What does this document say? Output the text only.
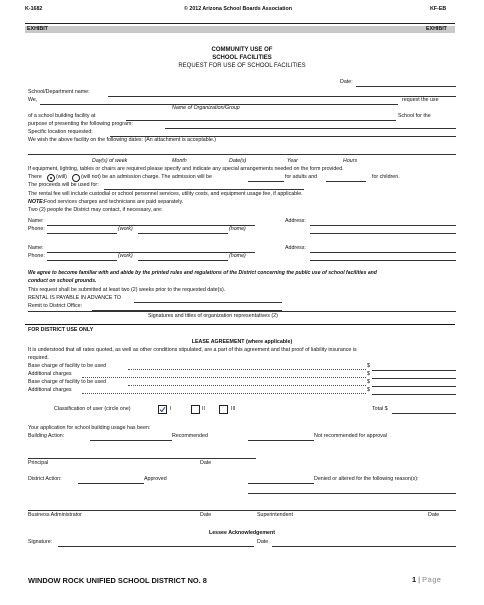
K-1682	© 2012 Arizona School Boards Association	KF-EB
EXHIBIT	EXHIBIT
COMMUNITY USE OF
SCHOOL FACILITIES
REQUEST FOR USE OF SCHOOL FACILITIES
Date:
School/Department name:
We,	request the use
Name of Organization/Group
of a school building facility at	School for the
purpose of presenting the following program:
Specific location requested:
We wish the above facility on the following dates: (An attachment is acceptable.)
Day(s) of week	Month	Date(s)	Year	Hours
If equipment, lighting, tables or chairs are required please specify and indicate any special arrangements needed on the form provided.
There	(will)	(will not) be an admission charge. The admission will be	for adults and	for children.
The proceeds will be used for:
The rental fee will include custodial or school personnel services, utility costs, and equipment usage fee, if applicable.
NOTE: Food services charges and technicians are paid separately.
Two (2) people the District may contact, if necessary, are:
Name:	Address:
Phone:	(work)	(home)
Name:	Address:
Phone:	(work)	(home)
We agree to become familiar with and abide by the printed rules and regulations of the District concerning the public use of school facilities and
conduct on school grounds.
This request shall be submitted at least two (2) weeks prior to the requested date(s).
RENTAL IS PAYABLE IN ADVANCE TO
Remit to District Office:
Signatures and titles of organization representatives (2)
FOR DISTRICT USE ONLY
LEASE AGREEMENT (where applicable)
It is understood that all rates quoted, as well as other conditions stipulated, are a part of this agreement and that proof of liability insurance is
required.
Base charge of facility to be used	$
Additional charges	$
Base charge of facility to be used	$
Additional charges	$
Classification of user (circle one)	I	II	III	Total $
Your application for school building usage has been:
Building Action:	Recommended	Not recommended for approval
Principal	Date
District Action:	Approved	Denied or altered for the following reason(s):
Business Administrator	Date	Superintendent	Date
Lessee Acknowledgement
Signature:	Date
WINDOW ROCK UNIFIED SCHOOL DISTRICT NO. 8	1 | Page
